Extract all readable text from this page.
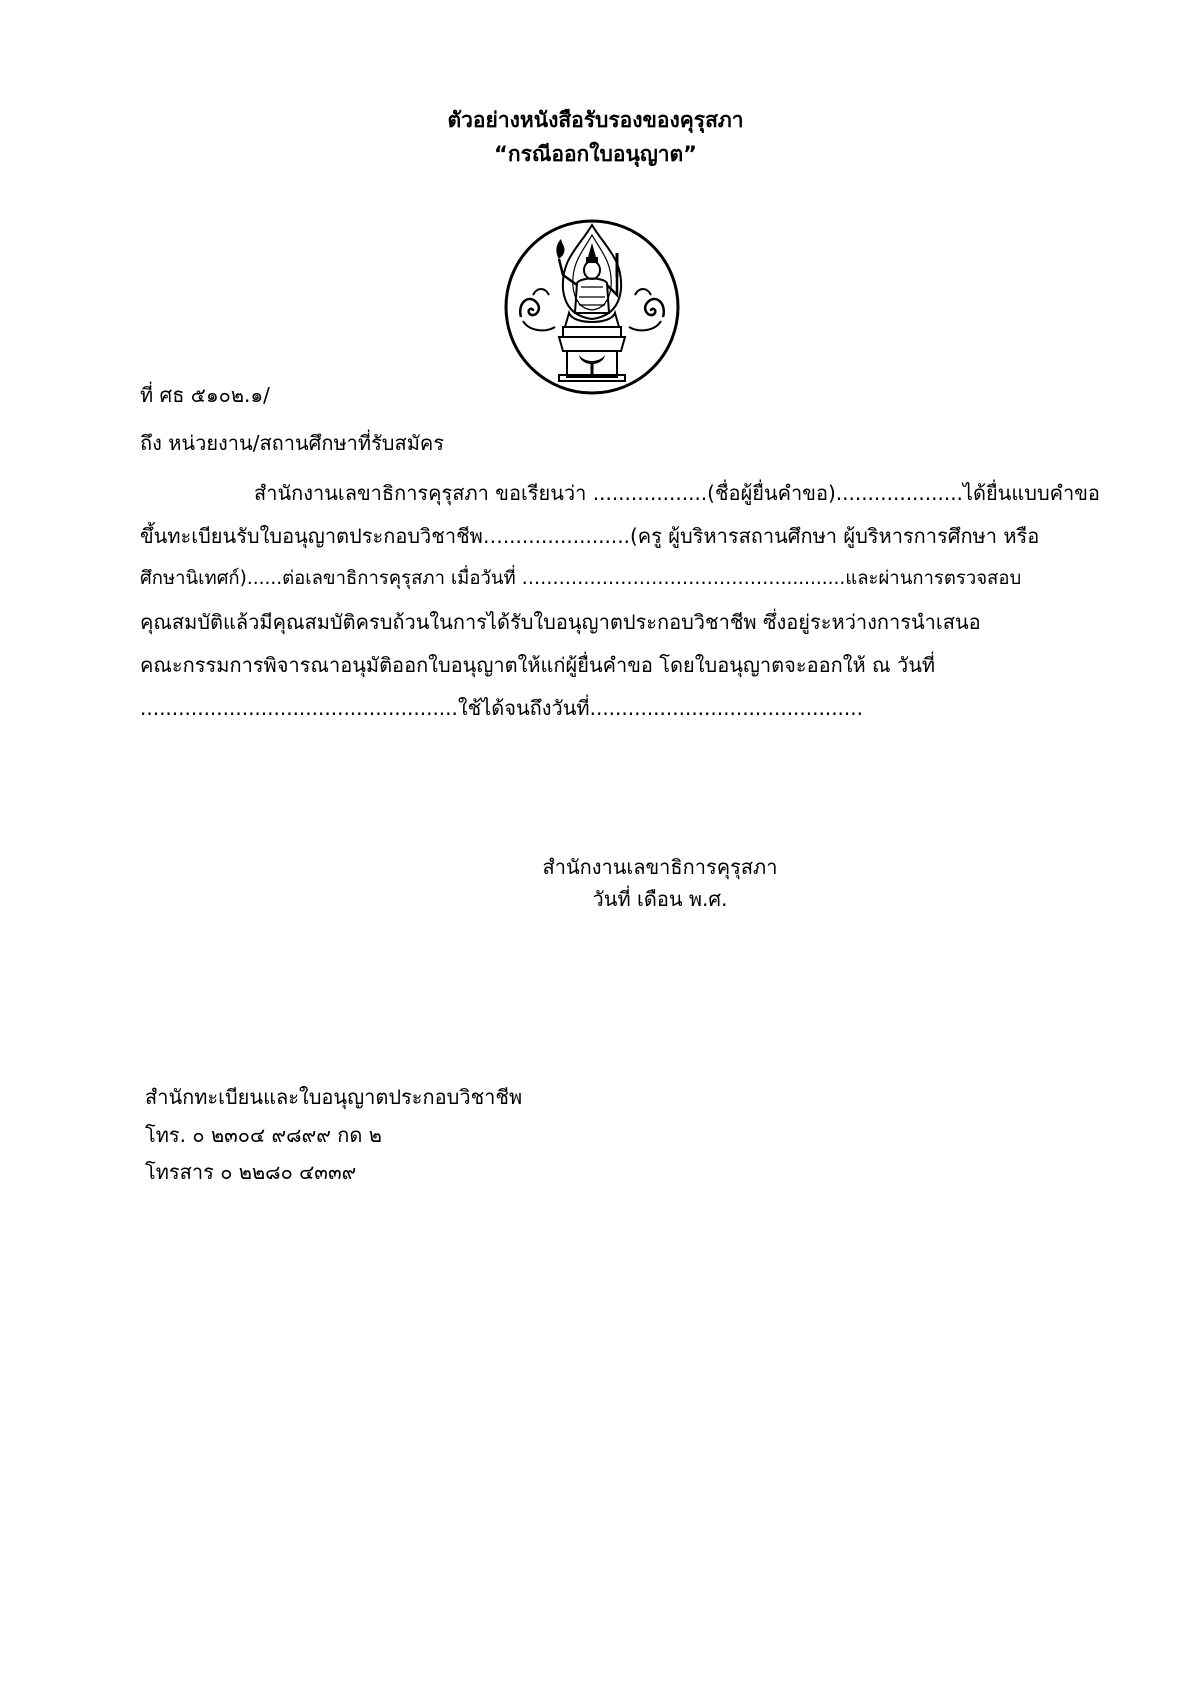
ตัวอย่างหนังสือรับรองของคุรุสภา
“กรณีออกใบอนุญาต”
ที่ ศธ ๕๑๐๒.๑/
ถึง หน่วยงาน/สถานศึกษาที่รับสมัคร
สำนักงานเลขาธิการคุรุสภา ขอเรียนว่า ..................(ชื่อผู้ยื่นคำขอ)....................ได้ยื่นแบบคำขอ
ขึ้นทะเบียนรับใบอนุญาตประกอบวิชาชีพ…....................(ครู ผู้บริหารสถานศึกษา ผู้บริหารการศึกษา หรือ
ศึกษานิเทศก์)......ต่อเลขาธิการคุรุสภา เมื่อวันที่ ……………………………………...........และผ่านการตรวจสอบ
คุณสมบัติแล้วมีคุณสมบัติครบถ้วนในการได้รับใบอนุญาตประกอบวิชาชีพ ซึ่งอยู่ระหว่างการนำเสนอ
คณะกรรมการพิจารณาอนุมัติออกใบอนุญาตให้แก่ผู้ยื่นคำขอ โดยใบอนุญาตจะออกให้ ณ วันที่
..................................................ใช้ได้จนถึงวันที่...........................................
สำนักงานเลขาธิการคุรุสภา
วันที่ เดือน พ.ศ.
สำนักทะเบียนและใบอนุญาตประกอบวิชาชีพ
โทร. ๐ ๒๓๐๔ ๙๘๙๙ กด ๒
โทรสาร ๐ ๒๒๘๐ ๔๓๓๙
